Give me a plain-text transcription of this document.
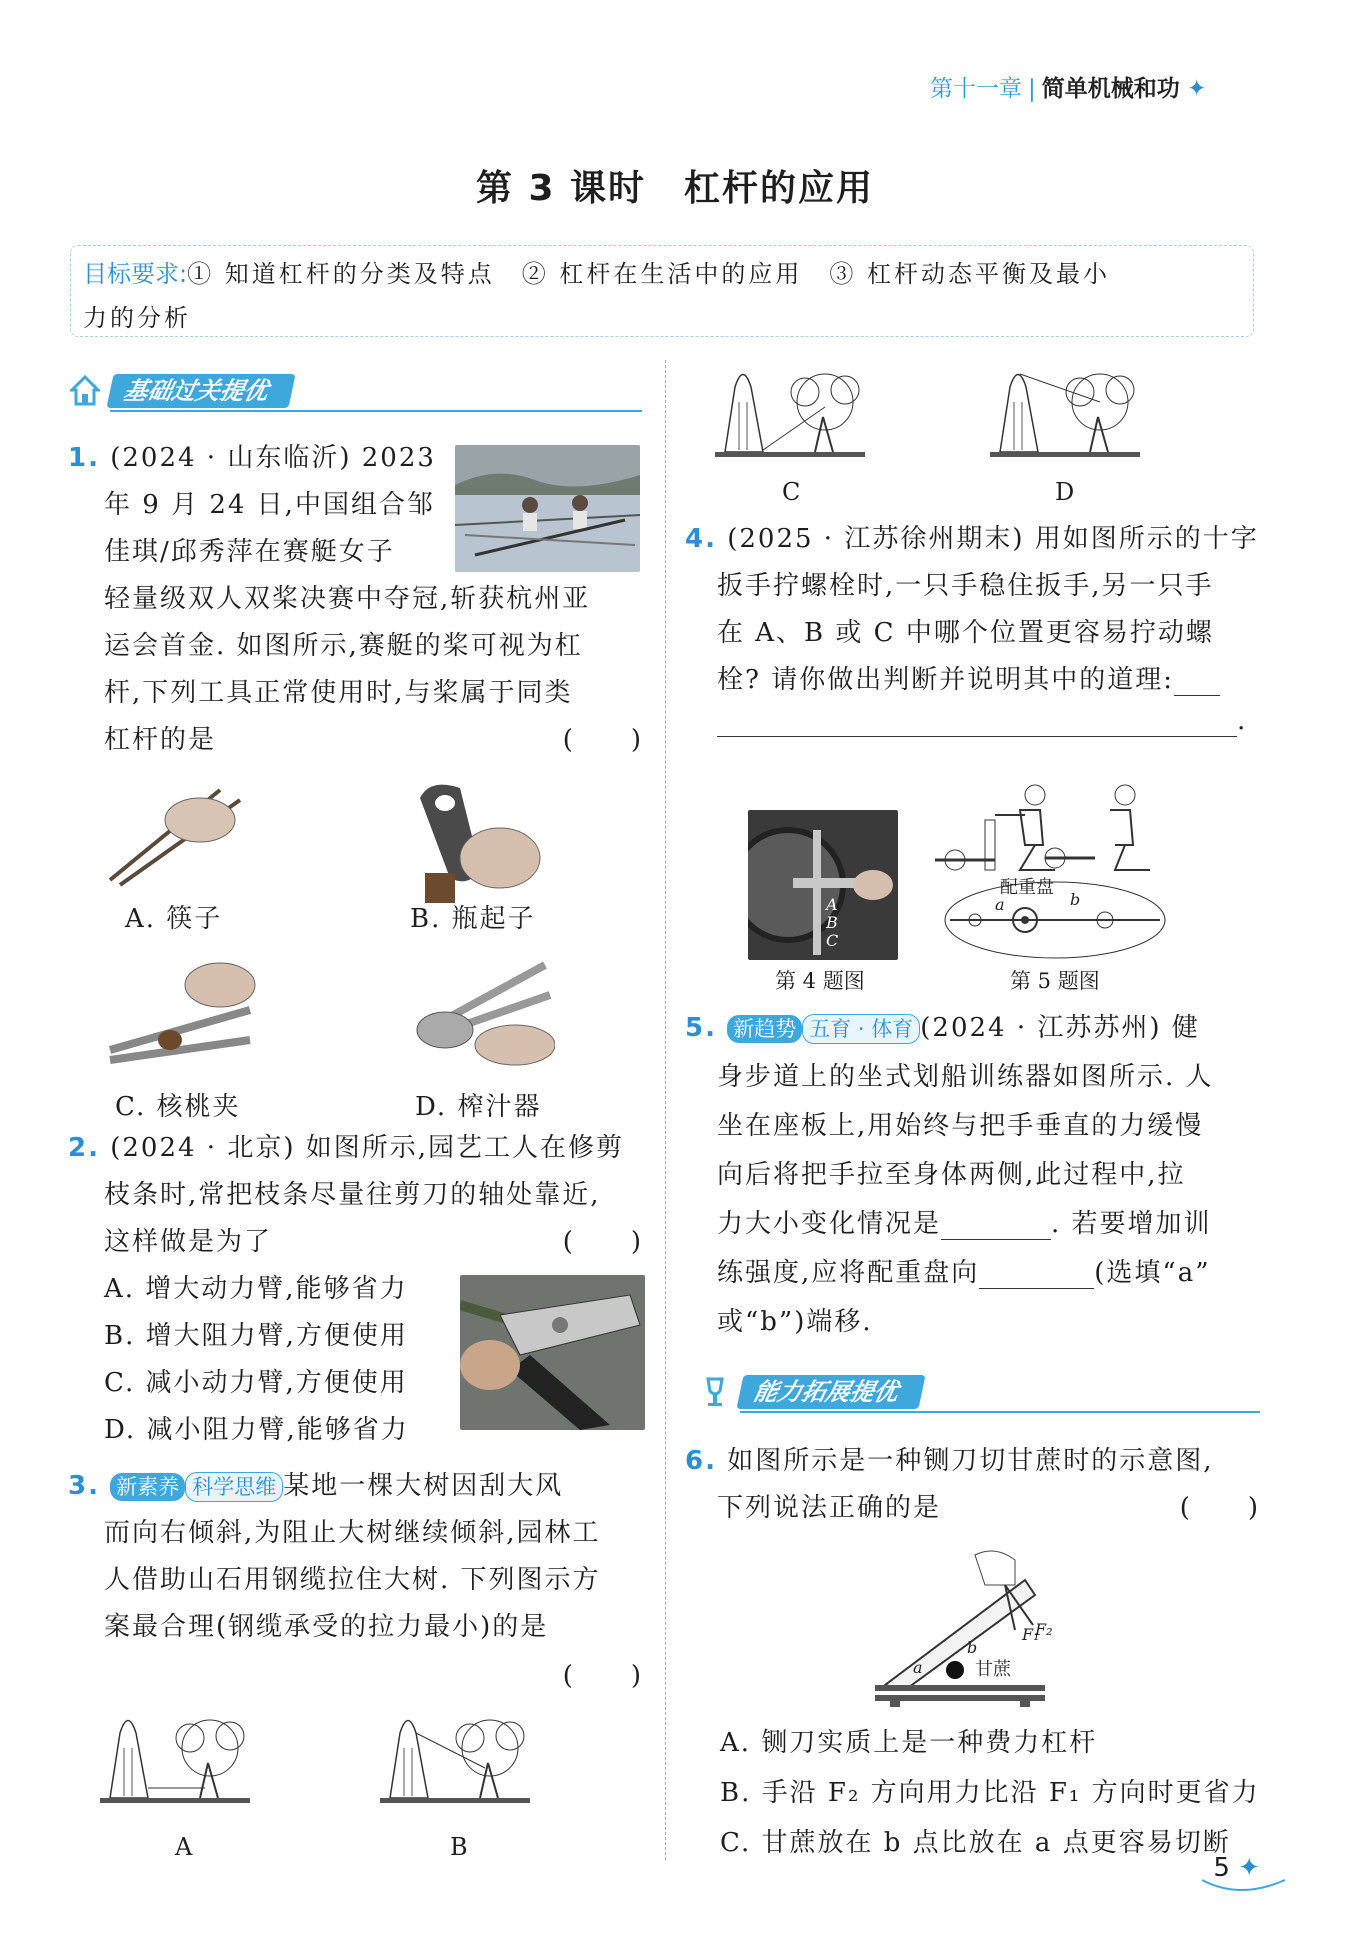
第十一章 | 简单机械和功 ✦
第 3 课时　杠杆的应用
目标要求:① 知道杠杆的分类及特点　② 杠杆在生活中的应用　③ 杠杆动态平衡及最小
力的分析
基础过关提优
1. (2024 · 山东临沂) 2023
年 9 月 24 日,中国组合邹
佳琪/邱秀萍在赛艇女子
轻量级双人双桨决赛中夺冠,斩获杭州亚
运会首金. 如图所示,赛艇的桨可视为杠
杆,下列工具正常使用时,与桨属于同类
杠杆的是	(　　)
A. 筷子	B. 瓶起子
C. 核桃夹	D. 榨汁器
2. (2024 · 北京) 如图所示,园艺工人在修剪
枝条时,常把枝条尽量往剪刀的轴处靠近,
这样做是为了	(　　)
A. 增大动力臂,能够省力
B. 增大阻力臂,方便使用
C. 减小动力臂,方便使用
D. 减小阻力臂,能够省力
3. 新素养 科学思维 某地一棵大树因刮大风
而向右倾斜,为阻止大树继续倾斜,园林工
人借助山石用钢缆拉住大树. 下列图示方
案最合理(钢缆承受的拉力最小)的是
(　　)
A	B
C	D
4. (2025 · 江苏徐州期末) 用如图所示的十字
扳手拧螺栓时,一只手稳住扳手,另一只手
在 A、B 或 C 中哪个位置更容易拧动螺
栓? 请你做出判断并说明其中的道理:
.
A
B
C
第 4 题图
配重盘
a	b
第 5 题图
5. 新趋势 五育 · 体育 (2024 · 江苏苏州) 健
身步道上的坐式划船训练器如图所示. 人
坐在座板上,用始终与把手垂直的力缓慢
向后将把手拉至身体两侧,此过程中,拉
力大小变化情况是	. 若要增加训
练强度,应将配重盘向	(选填“a”
或“b”)端移.
能力拓展提优
6. 如图所示是一种铡刀切甘蔗时的示意图,
下列说法正确的是	(　　)
F₁
F₂
b
a	甘蔗
A. 铡刀实质上是一种费力杠杆
B. 手沿 F₂ 方向用力比沿 F₁ 方向时更省力
C. 甘蔗放在 b 点比放在 a 点更容易切断
5 ✦
